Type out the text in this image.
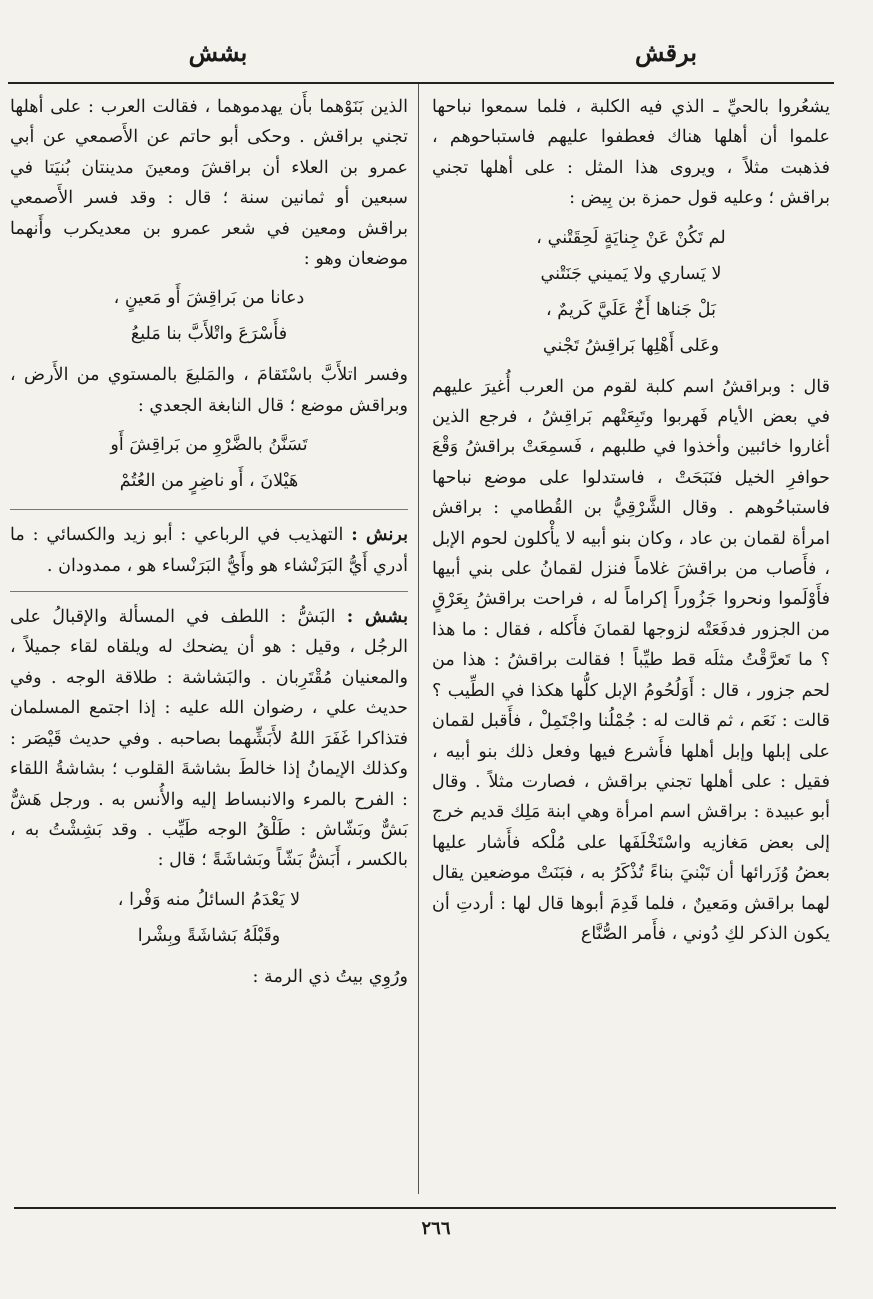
برقش
بشش

يشعُروا بالحيِّ ـ الذي فيه الكلبة ، فلما سمعوا نباحها علموا أن أهلها هناك فعطفوا عليهم فاستباحوهم ، فذهبت مثلاً ، ويروى هذا المثل : على أهلها تجني براقش ؛ وعليه قول حمزة بن بِيض :

لم تَكُنْ عَنْ جِنايَةٍ لَحِقَتْني ،
لا يَساري ولا يَميني جَنَتْني
بَلْ جَناها أَخٌ عَلَيَّ كَريمٌ ،
وعَلى أَهْلِها بَراقِشُ تَجْني

قال : وبراقشُ اسم كلبة لقوم من العرب أُغيرَ عليهم في بعض الأيام فَهربوا وتَبِعَتْهم بَراقِشُ ، فرجع الذين أغاروا خائبين وأخذوا في طلبهم ، فَسمِعَتْ براقشُ وَقْعَ حوافرِ الخيل فنَبَحَتْ ، فاستدلوا على موضع نباحها فاستباحُوهم . وقال الشَّرْقِيُّ بن القُطامي : براقش امرأة لقمان بن عاد ، وكان بنو أبيه لا يأْكلون لحوم الإبل ، فأَصاب من براقشَ غلاماً فنزل لقمانُ على بني أبيها فأَوْلَموا ونحروا جَزُوراً إكراماً له ، فراحت براقشُ بِعَرْقٍ من الجزور فدفَعَتْه لزوجها لقمانَ فأَكله ، فقال : ما هذا ؟ ما تَعرَّقْتُ مثلَه قط طيِّباً ! فقالت براقشُ : هذا من لحم جزور ، قال : أَوَلُحُومُ الإبل كلُّها هكذا في الطِّيب ؟ قالت : نَعَم ، ثم قالت له : جُمْلُنا واجْتَمِلْ ، فأَقبل لقمان على إبلها وإبل أهلها فأَشرع فيها وفعل ذلك بنو أبيه ، فقيل : على أهلها تجني براقش ، فصارت مثلاً . وقال أبو عبيدة : براقش اسم امرأة وهي ابنة مَلِك قديم خرج إلى بعض مَغازيه واسْتَخْلَفَها على مُلْكه فأَشار عليها بعضُ وُزَرائها أن تَبْنيَ بناءً تُذْكَرُ به ، فبَنَتْ موضعين يقال لهما براقش ومَعينٌ ، فلما قَدِمَ أبوها قال لها : أردتِ أن يكون الذكر لكِ دُوني ، فأَمر الصُّنَّاع

الذين بَنَوْهما بأَن يهدموهما ، فقالت العرب : على أهلها تجني براقش . وحكى أبو حاتم عن الأَصمعي عن أبي عمرو بن العلاء أن براقشَ ومعينَ مدينتان بُنيَتا في سبعين أو ثمانين سنة ؛ قال : وقد فسر الأَصمعي براقش ومعين في شعر عمرو بن معديكرب وأَنهما موضعان وهو :

دعانا من بَراقِشَ أَو مَعينٍ ،
فأَسْرَعَ واتْلأَبَّ بنا مَليعُ

وفسر اتلأَبَّ باسْتَقامَ ، والمَليعَ بالمستوي من الأَرض ، وبراقش موضع ؛ قال النابغة الجعدي :

تَسَنَّنُ بالضَّرْوِ من بَراقِشَ أَو
هَيْلانَ ، أَو ناضِرٍ من العُتُمْ

برنش : التهذيب في الرباعي : أبو زيد والكسائي : ما أدري أَيُّ البَرَنْشاء هو وأَيُّ البَرَنْساء هو ، ممدودان .

بشش : البَشُّ : اللطف في المسألة والإقبالُ على الرجُل ، وقيل : هو أن يضحك له ويلقاه لقاء جميلاً ، والمعنيان مُقْتَرِبان . والبَشاشة : طلاقة الوجه . وفي حديث علي ، رضوان الله عليه : إذا اجتمع المسلمان فتذاكرا غَفَرَ اللهُ لأَبَشِّهما بصاحبه . وفي حديث قَيْصَر : وكذلك الإيمانُ إذا خالطَ بشاشةَ القلوب ؛ بشاشةُ اللقاء : الفرح بالمرء والانبساط إليه والأُنس به . ورجل هَشٌّ بَشٌّ وبَشّاش : طَلْقُ الوجه طَيِّب . وقد بَشِشْتُ به ، بالكسر ، أَبَشُّ بَشّاً وبَشاشَةً ؛ قال :

لا يَعْدَمُ السائلُ منه وَفْرا ،
وقَبْلَهُ بَشاشَةً وبِشْرا

ورُوِي بيتُ ذي الرمة :

٢٦٦
